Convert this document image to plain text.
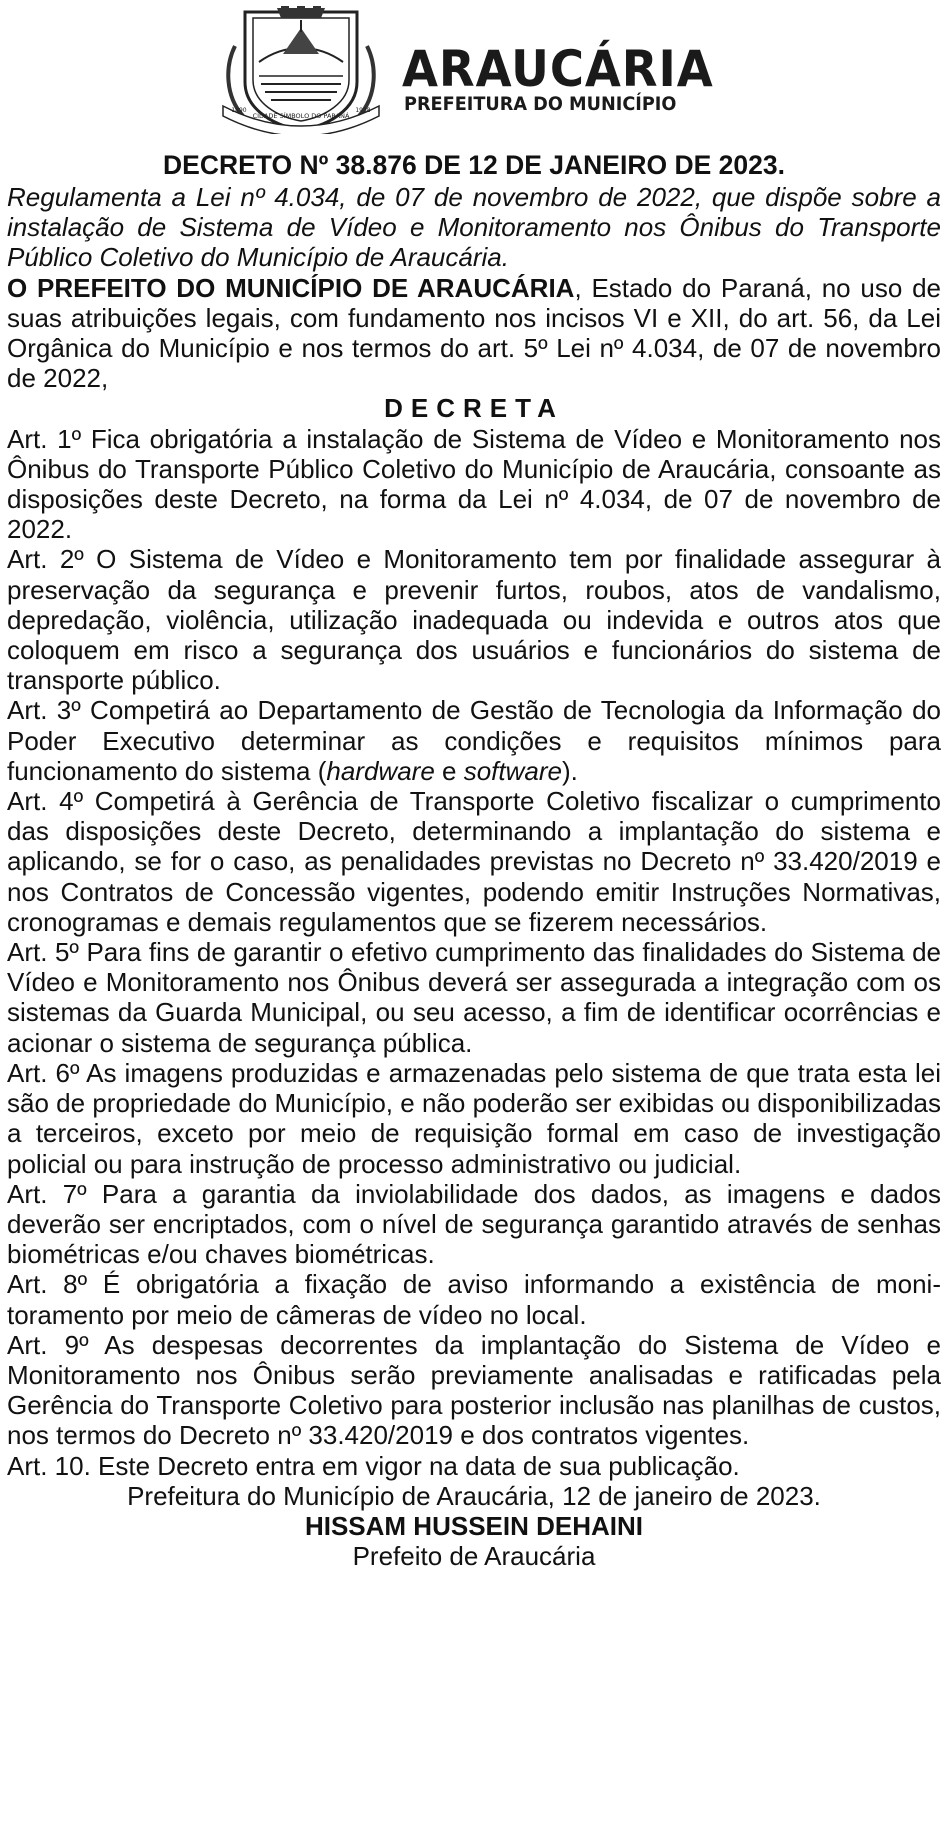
CIDADE SÍMBOLO DO PARANÁ
1890	1938
ARAUCÁRIA
PREFEITURA DO MUNICÍPIO

DECRETO Nº 38.876 DE 12 DE JANEIRO DE 2023.

Regulamenta a Lei nº 4.034, de 07 de novembro de 2022, que dispõe sobre a instalação de Sistema de Vídeo e Monitoramento nos Ônibus do Transporte Público Coletivo do Município de Araucária.

O PREFEITO DO MUNICÍPIO DE ARAUCÁRIA, Estado do Paraná, no uso de suas atribuições legais, com fundamento nos incisos VI e XII, do art. 56, da Lei Orgânica do Município e nos termos do art. 5º Lei nº 4.034, de 07 de novembro de 2022,

DECRETA

Art. 1º Fica obrigatória a instalação de Sistema de Vídeo e Monitoramento nos Ônibus do Transporte Público Coletivo do Município de Araucária, consoante as disposições deste Decreto, na forma da Lei nº 4.034, de 07 de novembro de 2022.

Art. 2º O Sistema de Vídeo e Monitoramento tem por finalidade assegurar à preservação da segurança e prevenir furtos, roubos, atos de vandalismo, depredação, violência, utilização inadequada ou indevida e outros atos que coloquem em risco a segurança dos usuários e funcionários do sistema de transporte público.

Art. 3º Competirá ao Departamento de Gestão de Tecnologia da Informação do Poder Executivo determinar as condições e requisitos mínimos para funcionamento do sistema (hardware e software).

Art. 4º Competirá à Gerência de Transporte Coletivo fiscalizar o cumprimento das disposições deste Decreto, determinando a implantação do sistema e aplicando, se for o caso, as penalidades previstas no Decreto nº 33.420/2019 e nos Contratos de Concessão vigentes, podendo emitir Instruções Normativas, cronogramas e demais regulamentos que se fizerem necessários.

Art. 5º Para fins de garantir o efetivo cumprimento das finalidades do Sistema de Vídeo e Monitoramento nos Ônibus deverá ser assegurada a integração com os sistemas da Guarda Municipal, ou seu acesso, a fim de identificar ocorrências e acionar o sistema de segurança pública.

Art. 6º As imagens produzidas e armazenadas pelo sistema de que trata esta lei são de propriedade do Município, e não poderão ser exibidas ou disponibilizadas a terceiros, exceto por meio de requisição formal em caso de investigação policial ou para instrução de processo administrativo ou judicial.

Art. 7º Para a garantia da inviolabilidade dos dados, as imagens e dados deverão ser encriptados, com o nível de segurança garantido através de senhas biométricas e/ou chaves biométricas.

Art. 8º É obrigatória a fixação de aviso informando a existência de monitoramento por meio de câmeras de vídeo no local.

Art. 9º As despesas decorrentes da implantação do Sistema de Vídeo e Monitoramento nos Ônibus serão previamente analisadas e ratificadas pela Gerência do Transporte Coletivo para posterior inclusão nas planilhas de custos, nos termos do Decreto nº 33.420/2019 e dos contratos vigentes.

Art. 10. Este Decreto entra em vigor na data de sua publicação.

Prefeitura do Município de Araucária, 12 de janeiro de 2023.

HISSAM HUSSEIN DEHAINI

Prefeito de Araucária
